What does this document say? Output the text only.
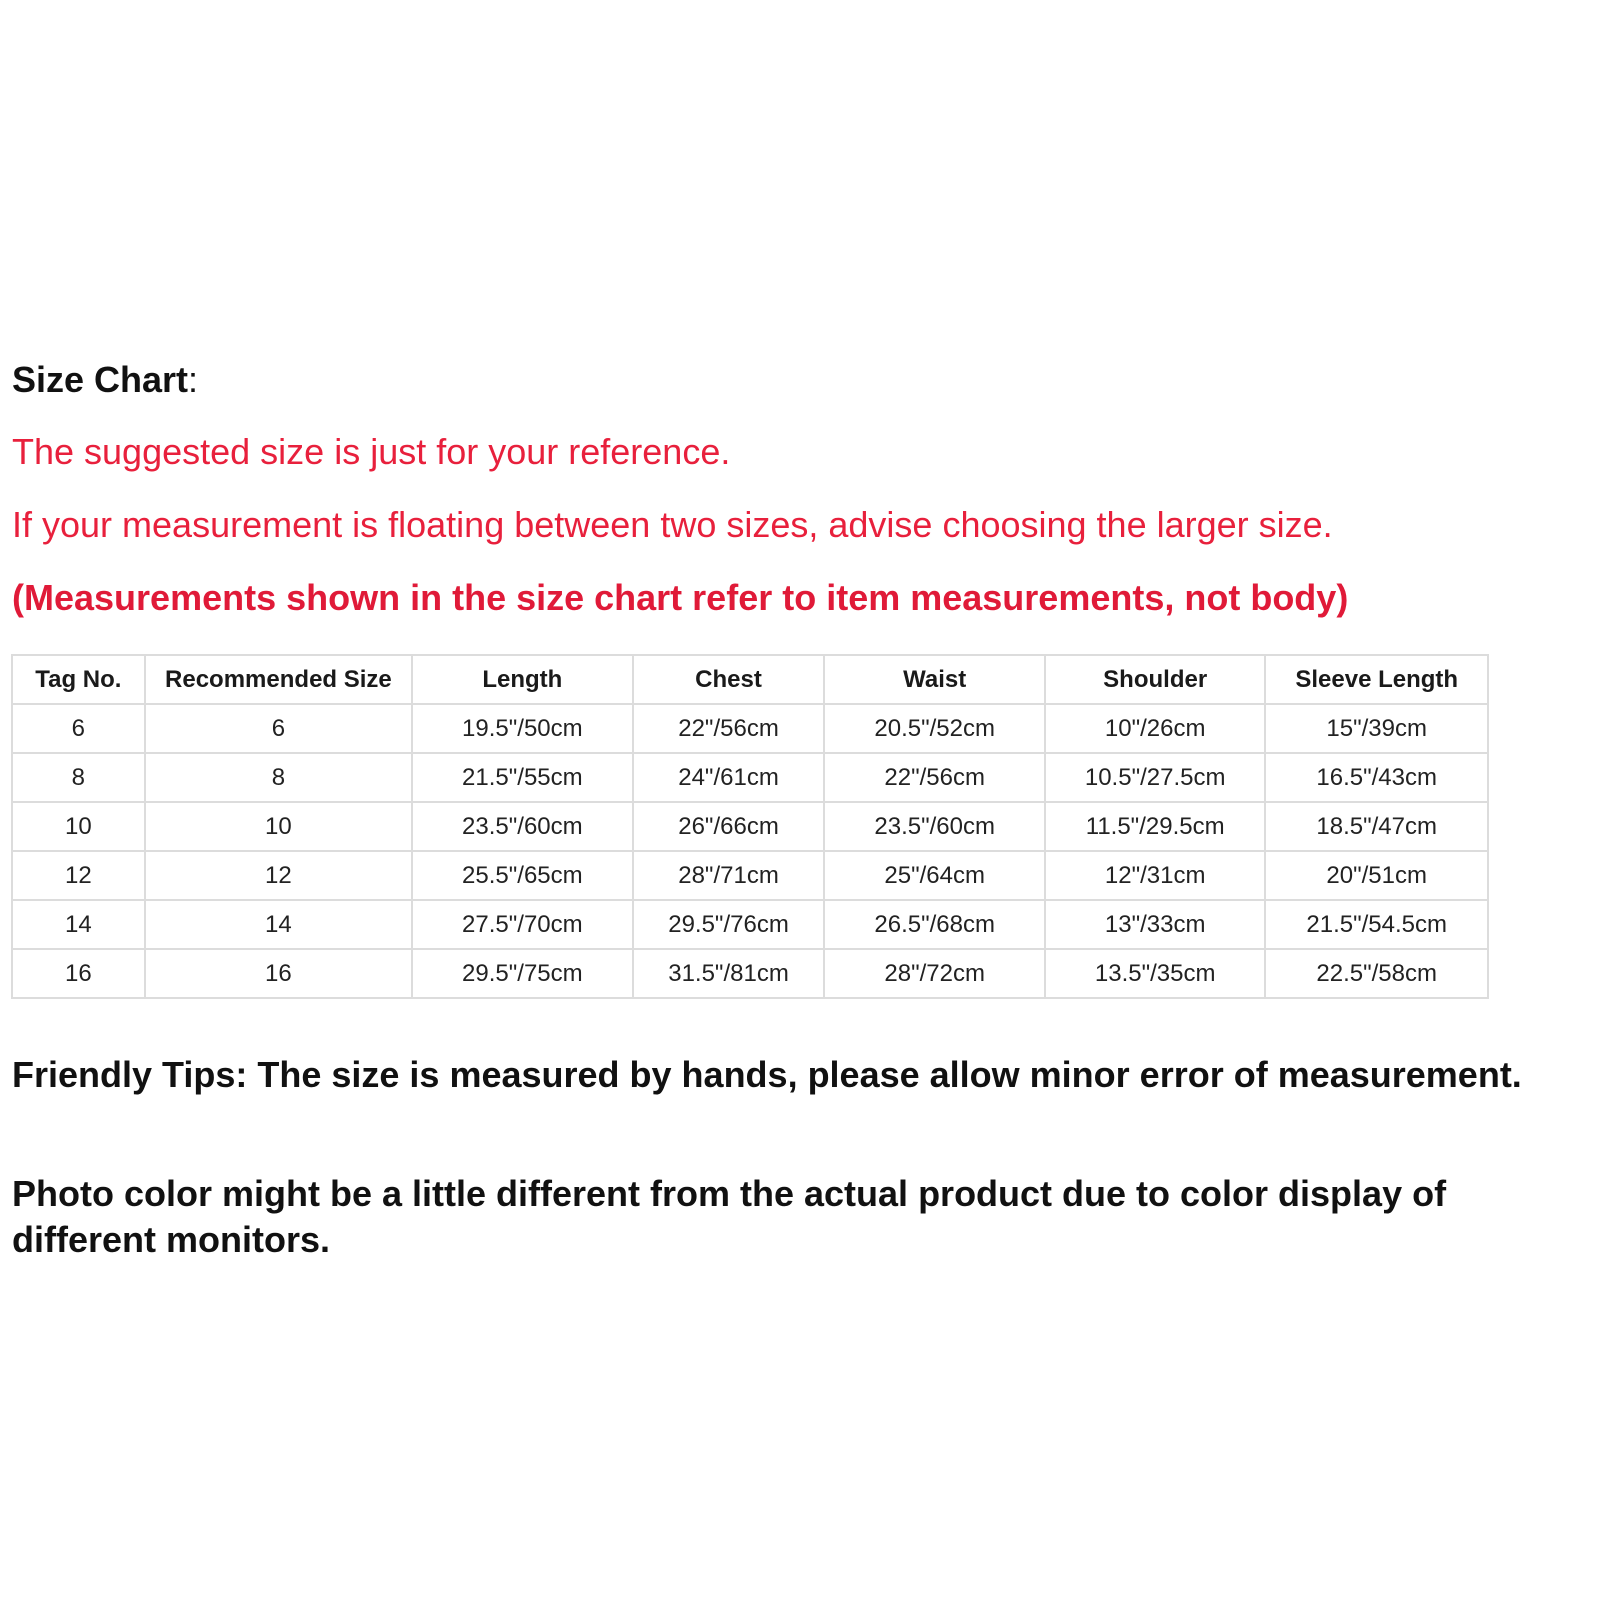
Size Chart:

The suggested size is just for your reference.

If your measurement is floating between two sizes, advise choosing the larger size.

(Measurements shown in the size chart refer to item measurements, not body)

Tag No.	Recommended Size	Length	Chest	Waist	Shoulder	Sleeve Length
6	6	19.5"/50cm	22"/56cm	20.5"/52cm	10"/26cm	15"/39cm
8	8	21.5"/55cm	24"/61cm	22"/56cm	10.5"/27.5cm	16.5"/43cm
10	10	23.5"/60cm	26"/66cm	23.5"/60cm	11.5"/29.5cm	18.5"/47cm
12	12	25.5"/65cm	28"/71cm	25"/64cm	12"/31cm	20"/51cm
14	14	27.5"/70cm	29.5"/76cm	26.5"/68cm	13"/33cm	21.5"/54.5cm
16	16	29.5"/75cm	31.5"/81cm	28"/72cm	13.5"/35cm	22.5"/58cm

Friendly Tips: The size is measured by hands, please allow minor error of measurement.

Photo color might be a little different from the actual product due to color display of different monitors.
